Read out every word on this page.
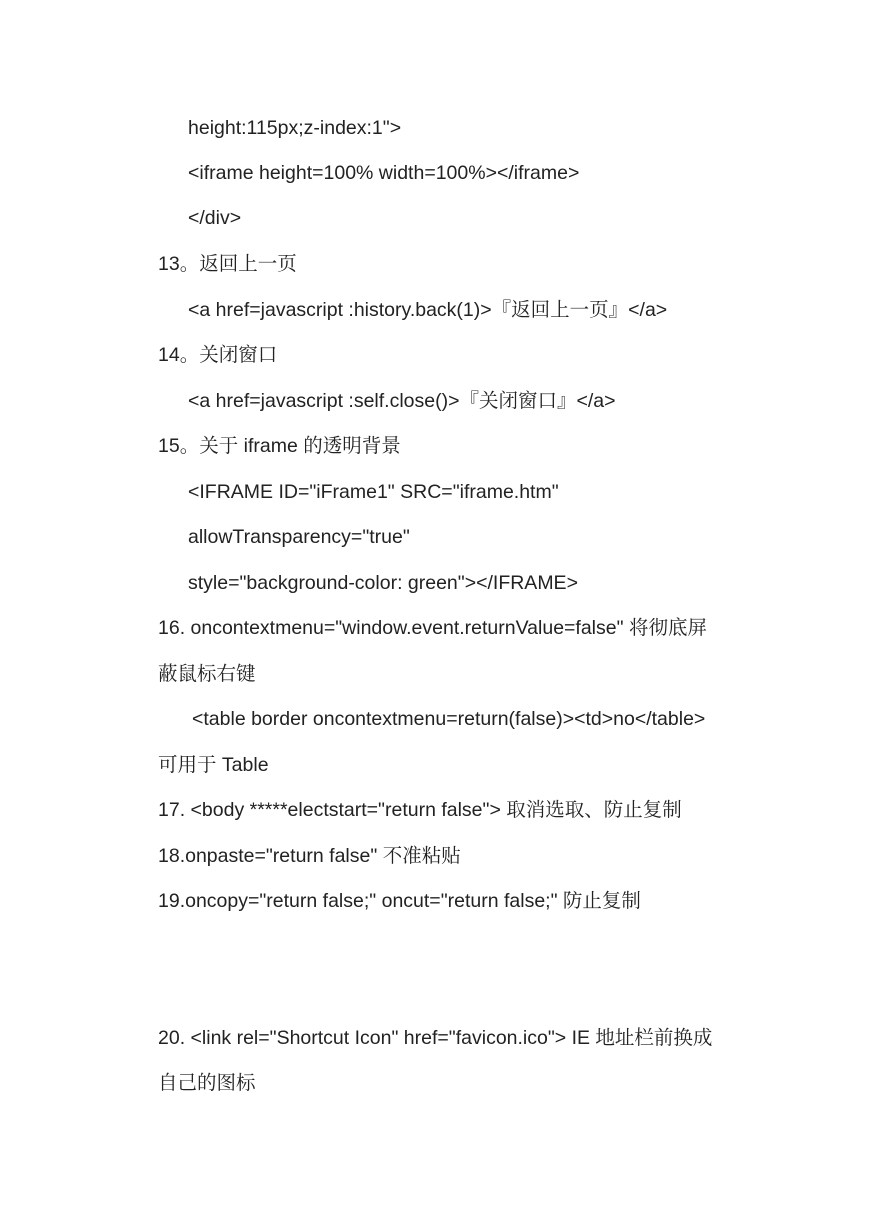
height:115px;z-index:1">

<iframe height=100% width=100%></iframe>

</div>

13。返回上一页

<a href=javascript :history.back(1)>『返回上一页』</a>

14。关闭窗口

<a href=javascript :self.close()>『关闭窗口』</a>

15。关于 iframe 的透明背景

<IFRAME ID="iFrame1" SRC="iframe.htm"

allowTransparency="true"

style="background-color: green"></IFRAME>

16. oncontextmenu="window.event.returnValue=false" 将彻底屏

蔽鼠标右键

<table border oncontextmenu=return(false)><td>no</table>

可用于 Table

17. <body *****electstart="return false"> 取消选取、防止复制

18.onpaste="return false" 不准粘贴

19.oncopy="return false;" oncut="return false;" 防止复制

20. <link rel="Shortcut Icon" href="favicon.ico"> IE 地址栏前换成

自己的图标
